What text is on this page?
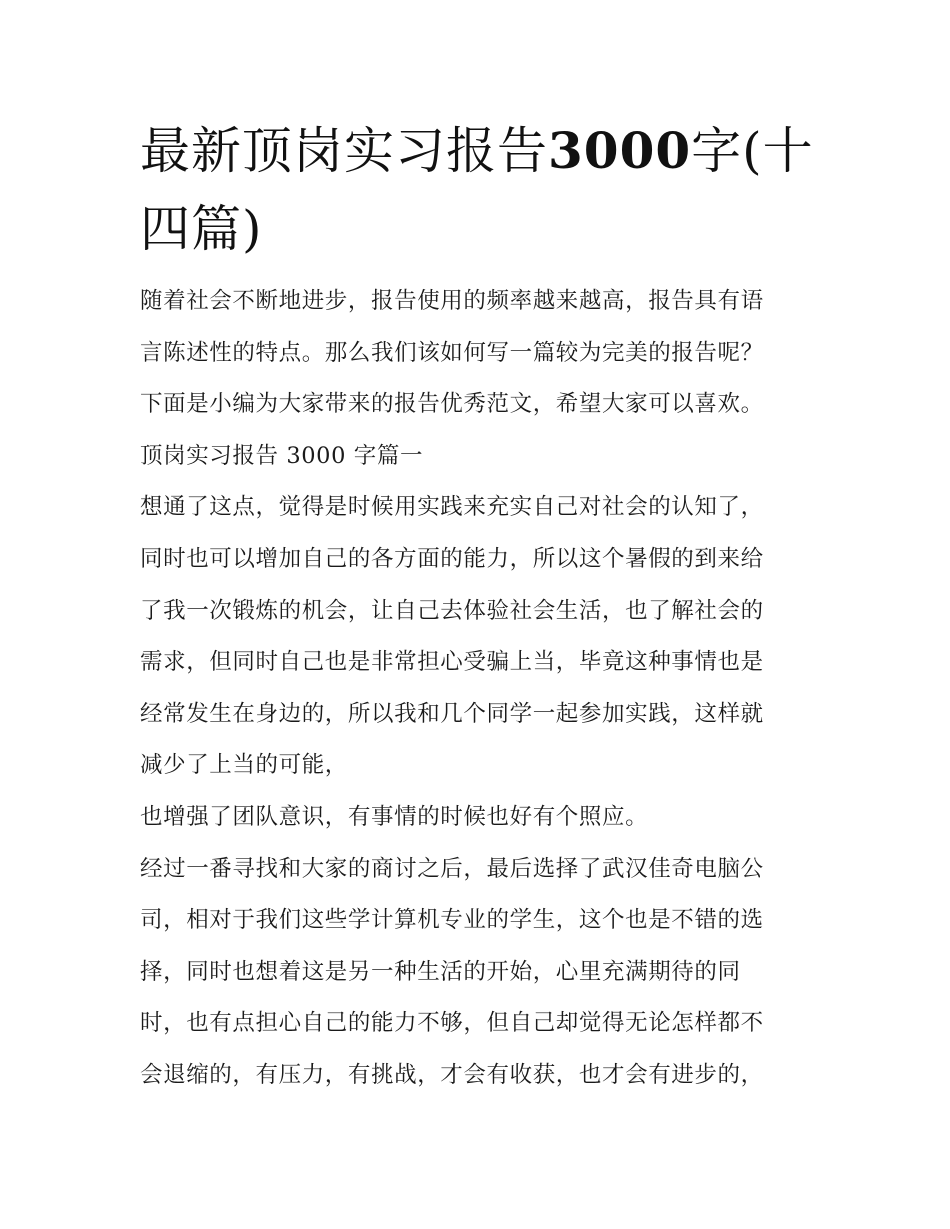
最新顶岗实习报告3000字(十
四篇)
随着社会不断地进步，报告使用的频率越来越高，报告具有语
言陈述性的特点。那么我们该如何写一篇较为完美的报告呢？
下面是小编为大家带来的报告优秀范文，希望大家可以喜欢。
顶岗实习报告 3000 字篇一
想通了这点，觉得是时候用实践来充实自己对社会的认知了，
同时也可以增加自己的各方面的能力，所以这个暑假的到来给
了我一次锻炼的机会，让自己去体验社会生活，也了解社会的
需求，但同时自己也是非常担心受骗上当，毕竟这种事情也是
经常发生在身边的，所以我和几个同学一起参加实践，这样就
减少了上当的可能，
也增强了团队意识，有事情的时候也好有个照应。
经过一番寻找和大家的商讨之后，最后选择了武汉佳奇电脑公
司，相对于我们这些学计算机专业的学生，这个也是不错的选
择，同时也想着这是另一种生活的开始，心里充满期待的同
时，也有点担心自己的能力不够，但自己却觉得无论怎样都不
会退缩的，有压力，有挑战，才会有收获，也才会有进步的，
